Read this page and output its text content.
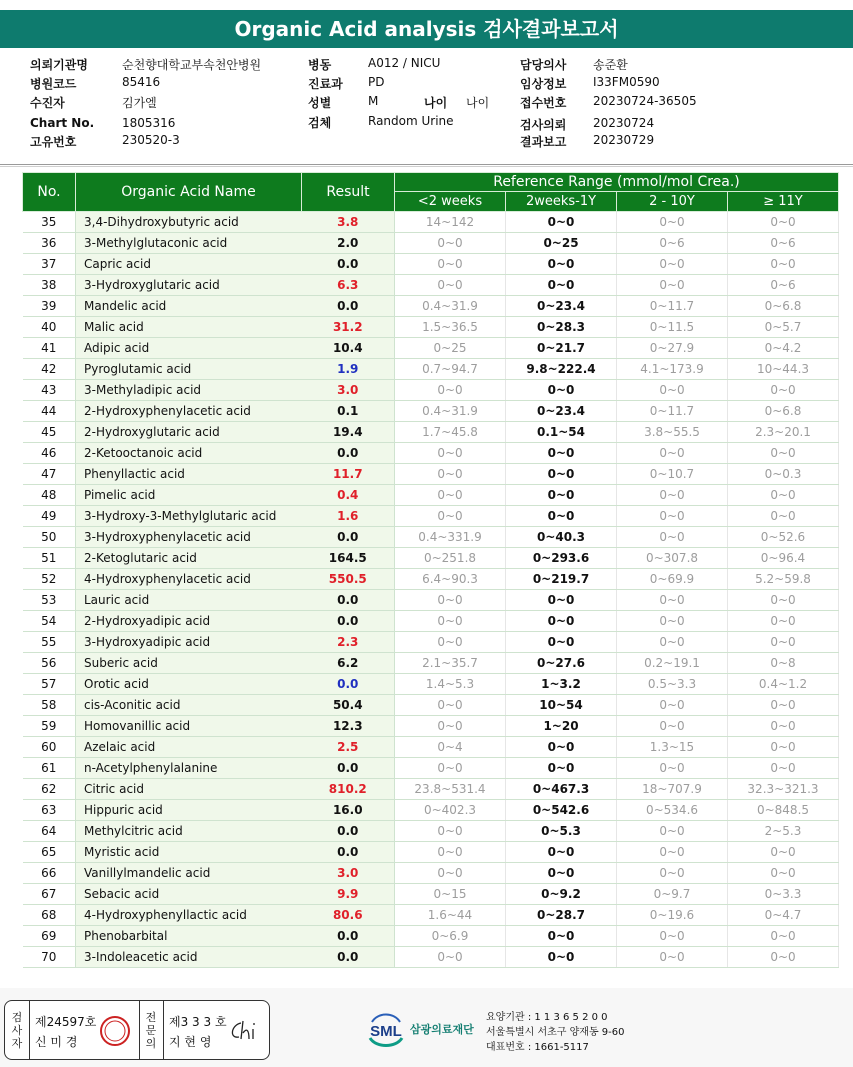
Organic Acid analysis 검사결과보고서
의뢰기관명	순천향대학교부속천안병원
병원코드	85416
수진자	김가엘
Chart No. 1805316
고유번호	230520-3
병동	A012 / NICU
진료과 PD
성별	M	나이 나이
검체	Random Urine
담당의사 송준환
임상정보 I33FM0590
접수번호 20230724-36505
검사의뢰 20230724
결과보고 20230729
No.	Organic Acid Name	Result	Reference Range (mmol/mol Crea.)			
			<2 weeks	2weeks-1Y	2 - 10Y	≥ 11Y
35	3,4-Dihydroxybutyric acid	3.8	14~142	0~0	0~0	0~0
36	3-Methylglutaconic acid	2.0	0~0	0~25	0~6	0~6
37	Capric acid	0.0	0~0	0~0	0~0	0~0
38	3-Hydroxyglutaric acid	6.3	0~0	0~0	0~0	0~6
39	Mandelic acid	0.0	0.4~31.9	0~23.4	0~11.7	0~6.8
40	Malic acid	31.2	1.5~36.5	0~28.3	0~11.5	0~5.7
41	Adipic acid	10.4	0~25	0~21.7	0~27.9	0~4.2
42	Pyroglutamic acid	1.9	0.7~94.7	9.8~222.4	4.1~173.9	10~44.3
43	3-Methyladipic acid	3.0	0~0	0~0	0~0	0~0
44	2-Hydroxyphenylacetic acid	0.1	0.4~31.9	0~23.4	0~11.7	0~6.8
45	2-Hydroxyglutaric acid	19.4	1.7~45.8	0.1~54	3.8~55.5	2.3~20.1
46	2-Ketooctanoic acid	0.0	0~0	0~0	0~0	0~0
47	Phenyllactic acid	11.7	0~0	0~0	0~10.7	0~0.3
48	Pimelic acid	0.4	0~0	0~0	0~0	0~0
49	3-Hydroxy-3-Methylglutaric acid	1.6	0~0	0~0	0~0	0~0
50	3-Hydroxyphenylacetic acid	0.0	0.4~331.9	0~40.3	0~0	0~52.6
51	2-Ketoglutaric acid	164.5	0~251.8	0~293.6	0~307.8	0~96.4
52	4-Hydroxyphenylacetic acid	550.5	6.4~90.3	0~219.7	0~69.9	5.2~59.8
53	Lauric acid	0.0	0~0	0~0	0~0	0~0
54	2-Hydroxyadipic acid	0.0	0~0	0~0	0~0	0~0
55	3-Hydroxyadipic acid	2.3	0~0	0~0	0~0	0~0
56	Suberic acid	6.2	2.1~35.7	0~27.6	0.2~19.1	0~8
57	Orotic acid	0.0	1.4~5.3	1~3.2	0.5~3.3	0.4~1.2
58	cis-Aconitic acid	50.4	0~0	10~54	0~0	0~0
59	Homovanillic acid	12.3	0~0	1~20	0~0	0~0
60	Azelaic acid	2.5	0~4	0~0	1.3~15	0~0
61	n-Acetylphenylalanine	0.0	0~0	0~0	0~0	0~0
62	Citric acid	810.2	23.8~531.4	0~467.3	18~707.9	32.3~321.3
63	Hippuric acid	16.0	0~402.3	0~542.6	0~534.6	0~848.5
64	Methylcitric acid	0.0	0~0	0~5.3	0~0	2~5.3
65	Myristic acid	0.0	0~0	0~0	0~0	0~0
66	Vanillylmandelic acid	3.0	0~0	0~0	0~0	0~0
67	Sebacic acid	9.9	0~15	0~9.2	0~9.7	0~3.3
68	4-Hydroxyphenyllactic acid	80.6	1.6~44	0~28.7	0~19.6	0~4.7
69	Phenobarbital	0.0	0~6.9	0~0	0~0	0~0
70	3-Indoleacetic acid	0.0	0~0	0~0	0~0	0~0
검
사
자
제24597호
신 미 경
전
문
의
제3 3 3 호
지 현 영
SML 삼광의료재단
요양기관 : 1 1 3 6 5 2 0 0
서울특별시 서초구 양재동 9-60
대표번호 : 1661-5117
